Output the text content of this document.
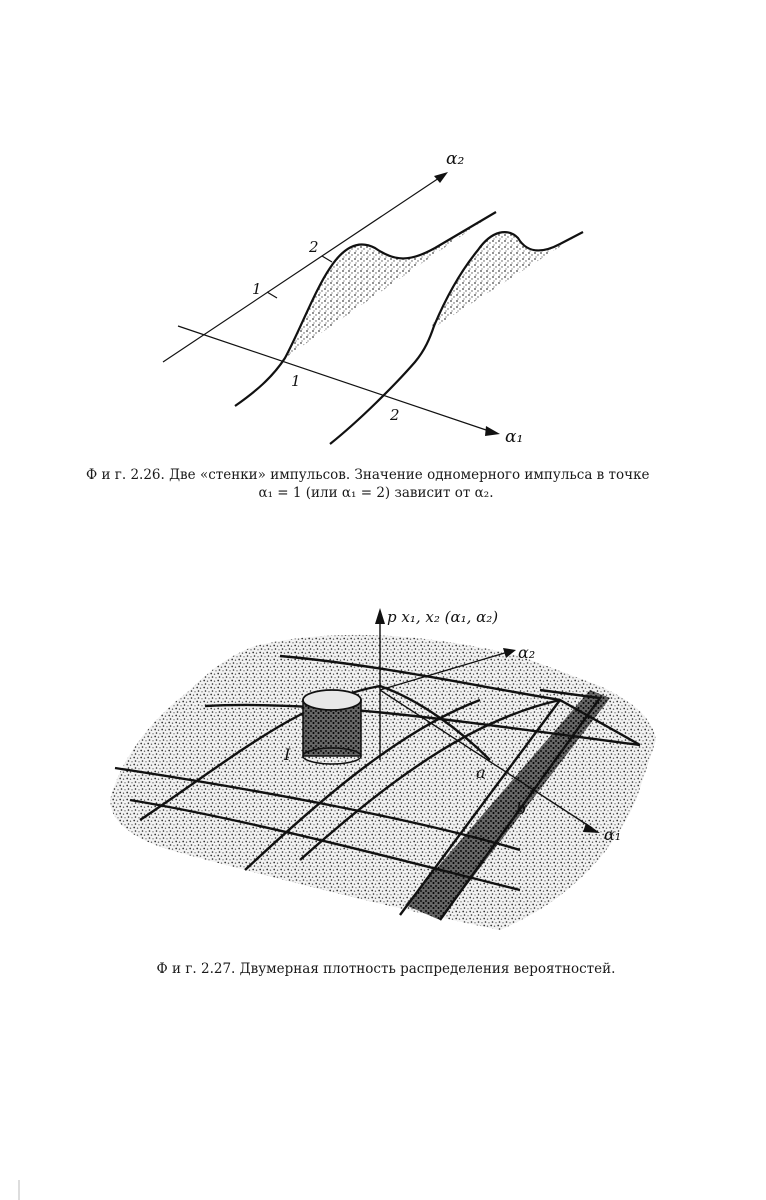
α₂
α₁
1
2
1
2
Ф и г. 2.26. Две «стенки» импульсов. Значение одномерного импульса в точке
α₁ = 1 (или α₁ = 2) зависит от α₂.
p x₁, x₂ (α₁, α₂)
α₂
α₁
I
a
b
Ф и г. 2.27. Двумерная плотность распределения вероятностей.
